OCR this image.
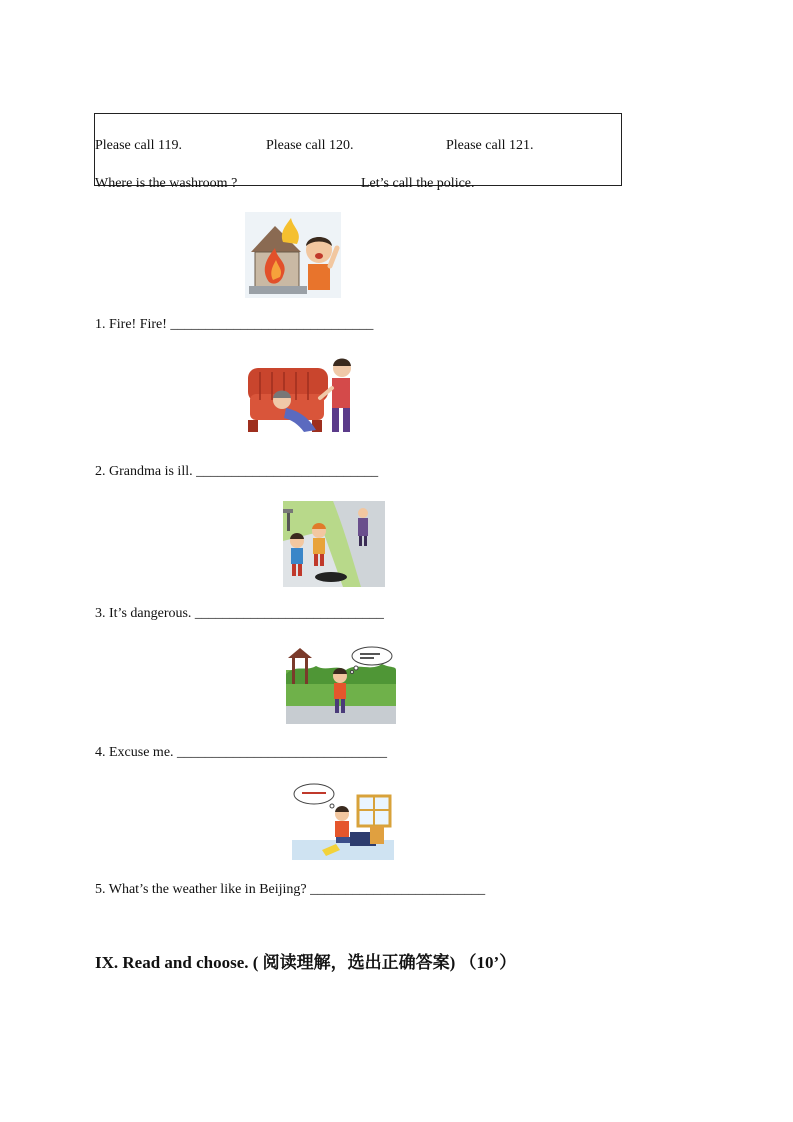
Please call 119.	Please call 120.	Please call 121.
Where is the washroom ?	Let’s call the police.
1. Fire! Fire! _____________________________
2. Grandma is ill. __________________________
3. It’s dangerous. ___________________________
4. Excuse me. ______________________________
5. What’s the weather like in Beijing? _________________________
IX. Read and choose. ( 阅读理解，选出正确答案) （10’）
